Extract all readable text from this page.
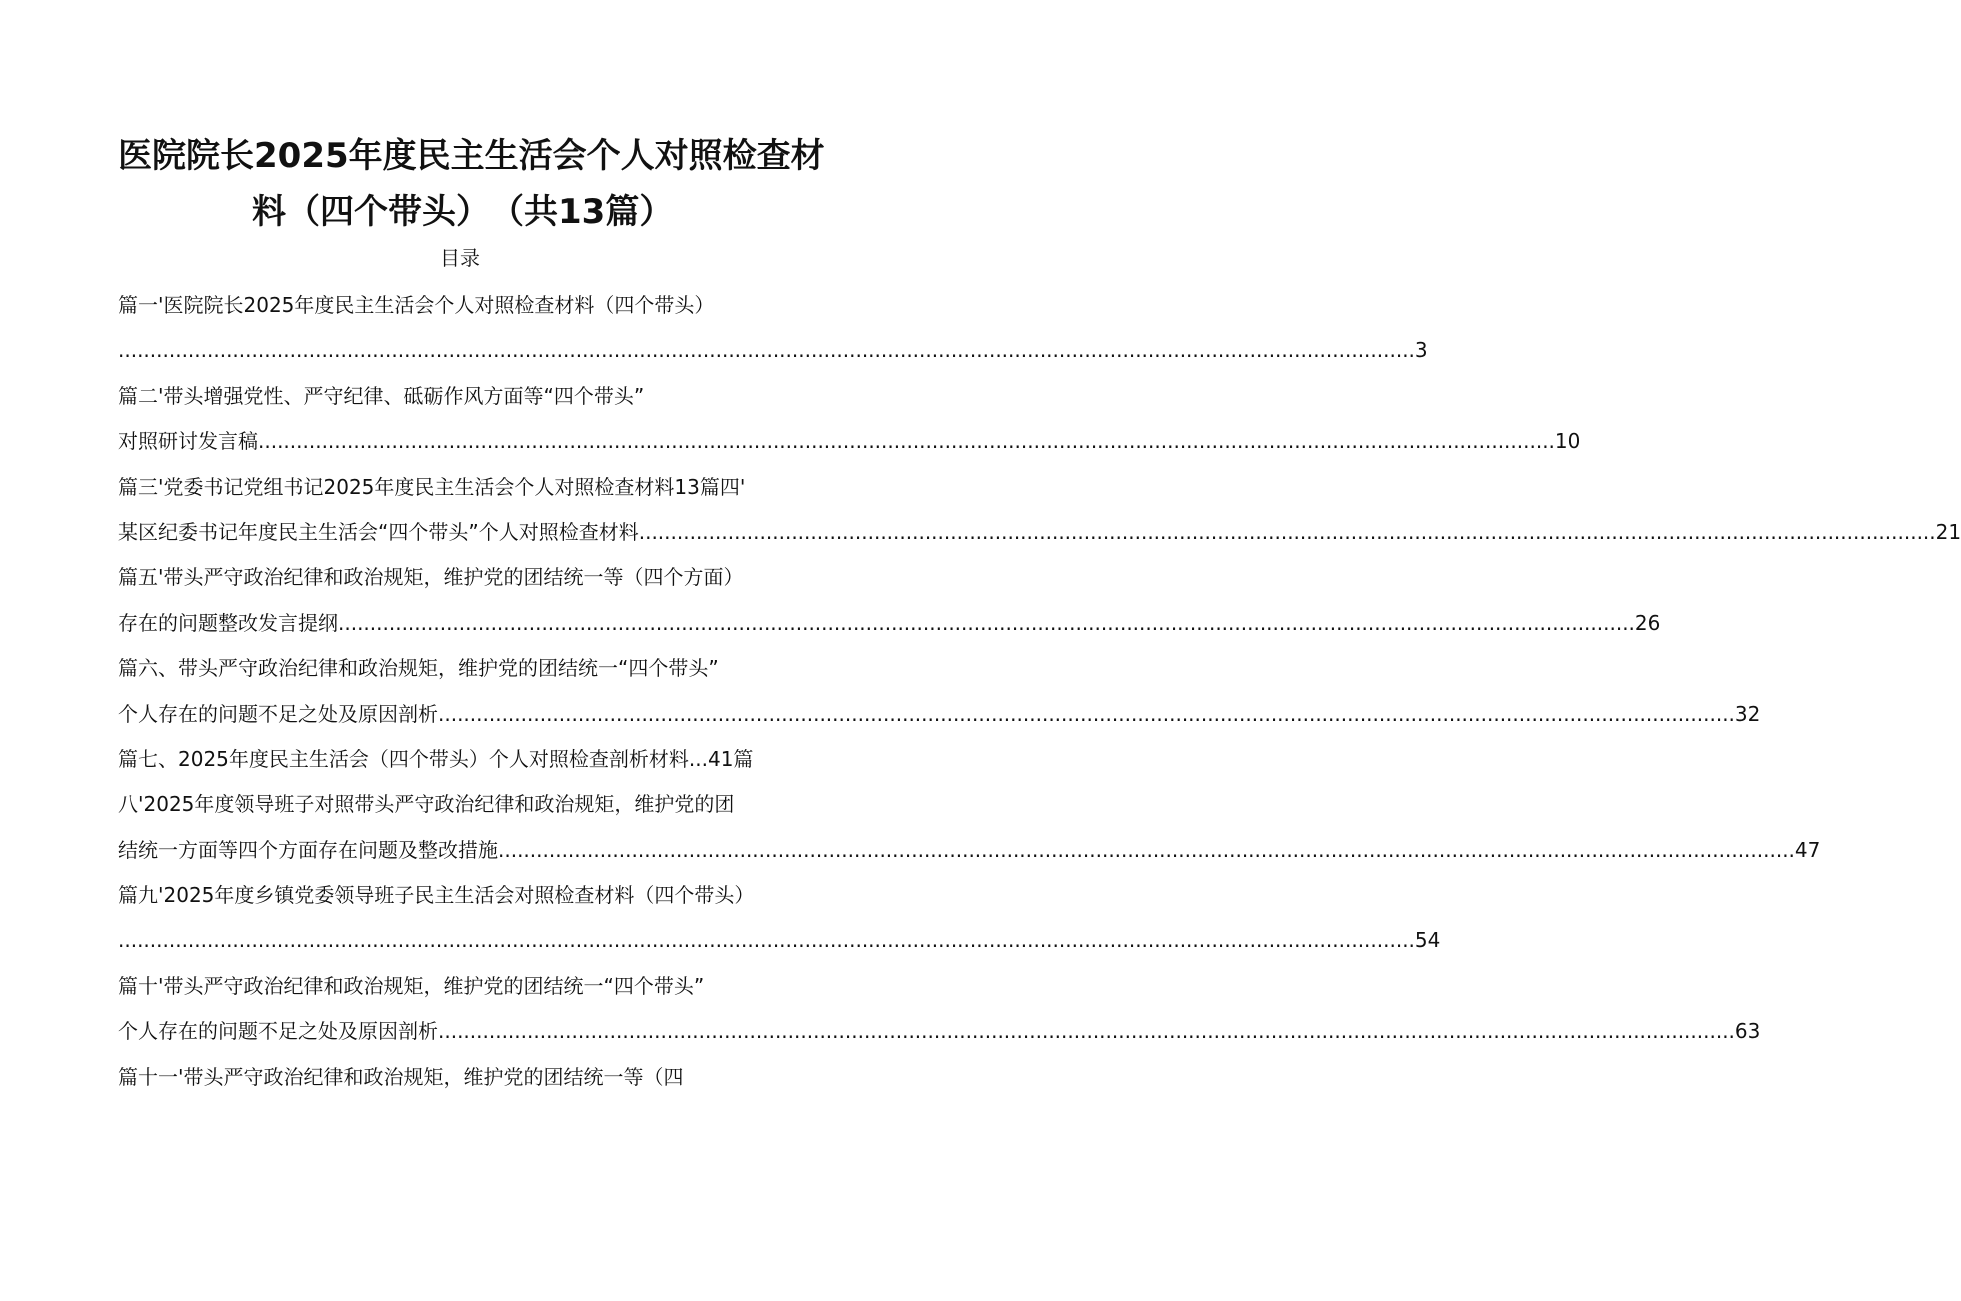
医院院长2025年度民主生活会个人对照检查材
料（四个带头）　（共13篇）
目录
篇一'医院院长2025年度民主生活会个人对照检查材料（四个带头）
............................................................................................................................................................................................................ 3
篇二'带头增强党性、严守纪律、砥砺作风方面等“四个带头”
对照研讨发言稿 ............................................................................................................................................................................................................ 10
篇三'党委书记党组书记2025年度民主生活会个人对照检查材料13篇四'
某区纪委书记年度民主生活会“四个带头”个人对照检查材料 ............................................................................................................................................................................................................ 21
篇五'带头严守政治纪律和政治规矩，维护党的团结统一等（四个方面）
存在的问题整改发言提纲 ............................................................................................................................................................................................................ 26
篇六、带头严守政治纪律和政治规矩，维护党的团结统一“四个带头”
个人存在的问题不足之处及原因剖析 ............................................................................................................................................................................................................ 32
篇七、2025年度民主生活会（四个带头）个人对照检查剖析材料...41篇
八'2025年度领导班子对照带头严守政治纪律和政治规矩，维护党的团
结统一方面等四个方面存在问题及整改措施 ............................................................................................................................................................................................................ 47
篇九'2025年度乡镇党委领导班子民主生活会对照检查材料（四个带头）
............................................................................................................................................................................................................ 54
篇十'带头严守政治纪律和政治规矩，维护党的团结统一“四个带头”
个人存在的问题不足之处及原因剖析 ............................................................................................................................................................................................................ 63
篇十一'带头严守政治纪律和政治规矩，维护党的团结统一等（四
